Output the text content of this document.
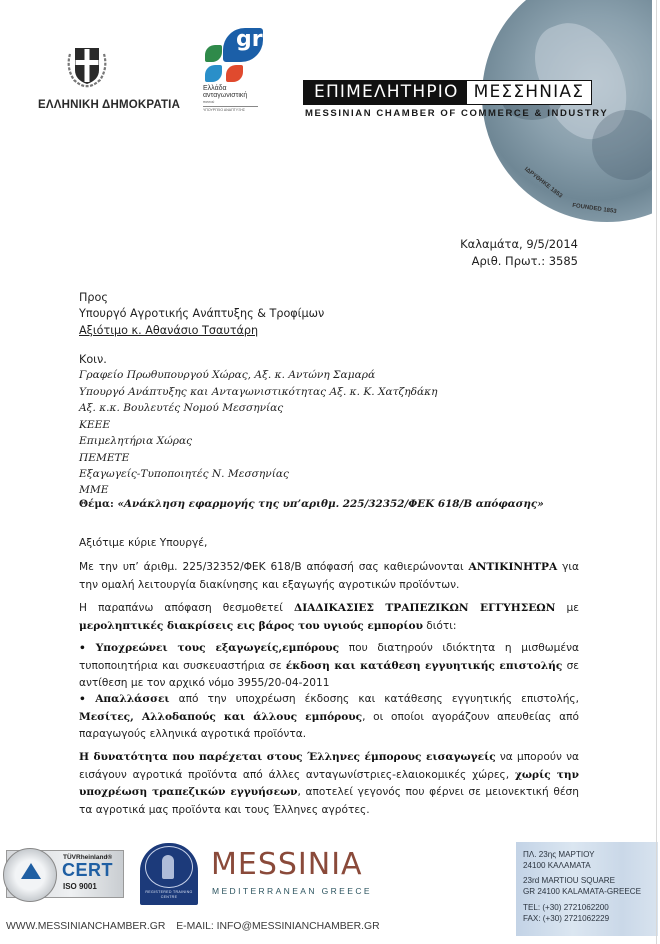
ΕΛΛΗΝΙΚΗ ΔΗΜΟΚΡΑΤΙΑ
gr
Ελλάδα
ανταγωνιστική
παντού
ΥΠΟΥΡΓΕΙΟ ΑΝΑΠΤΥΞΗΣ
ΙΔΡΥΘΗΚΕ 1853
FOUNDED 1853
ΕΠΙΜΕΛΗΤΗΡΙΟ ΜΕΣΣΗΝΙΑΣ
MESSINIAN CHAMBER OF COMMERCE & INDUSTRY
Καλαμάτα, 9/5/2014
Αριθ. Πρωτ.: 3585
Προς
Υπουργό Αγροτικής Ανάπτυξης & Τροφίμων
Αξιότιμο κ. Αθανάσιο Τσαυτάρη
Κοιν.
Γραφείο Πρωθυπουργού Χώρας, Αξ. κ. Αντώνη Σαμαρά
Υπουργό Ανάπτυξης και Ανταγωνιστικότητας Αξ. κ. Κ. Χατζηδάκη
Αξ. κ.κ. Βουλευτές Νομού Μεσσηνίας
ΚΕΕΕ
Επιμελητήρια Χώρας
ΠΕΜΕΤΕ
Εξαγωγείς-Τυποποιητές Ν. Μεσσηνίας
ΜΜΕ
Θέμα: «Ανάκληση εφαρμογής της υπ’αριθμ. 225/32352/ΦΕΚ 618/Β απόφασης»
Αξιότιμε κύριε Υπουργέ,
Με την υπ’ άριθμ. 225/32352/ΦΕΚ 618/Β απόφασή σας καθιερώνονται ΑΝΤΙΚΙΝΗΤΡΑ για την ομαλή λειτουργία διακίνησης και εξαγωγής αγροτικών προϊόντων.
Η παραπάνω απόφαση θεσμοθετεί ΔΙΑΔΙΚΑΣΙΕΣ ΤΡΑΠΕΖΙΚΩΝ ΕΓΓΥΗΣΕΩΝ με μεροληπτικές διακρίσεις εις βάρος του υγιούς εμπορίου διότι:
• Υποχρεώνει τους εξαγωγείς,εμπόρους που διατηρούν ιδιόκτητα η μισθωμένα τυποποιητήρια και συσκευαστήρια σε έκδοση και κατάθεση εγγυητικής επιστολής σε αντίθεση με τον αρχικό νόμο 3955/20-04-2011
• Απαλλάσσει από την υποχρέωση έκδοσης και κατάθεσης εγγυητικής επιστολής, Μεσίτες, Αλλοδαπούς και άλλους εμπόρους, οι οποίοι αγοράζουν απευθείας από παραγωγούς ελληνικά αγροτικά προϊόντα.
Η δυνατότητα που παρέχεται στους Έλληνες έμπορους εισαγωγείς να μπορούν να εισάγουν αγροτικά προϊόντα από άλλες ανταγωνίστριες-ελαιοκομικές χώρες, χωρίς την υποχρέωση τραπεζικών εγγυήσεων, αποτελεί γεγονός που φέρνει σε μειονεκτική θέση τα αγροτικά μας προϊόντα και τους Έλληνες αγρότες.
TÜVRheinland®
CERT
ISO 9001
REGISTERED TRAINING CENTRE
MESSINIA
MEDITERRANEAN GREECE
WWW.MESSINIANCHAMBER.GR E-MAIL: INFO@MESSINIANCHAMBER.GR
ΠΛ. 23ης ΜΑΡΤΙΟΥ
24100 ΚΑΛΑΜΑΤΑ
23rd MARTIOU SQUARE
GR 24100 KALAMATA-GREECE
TEL: (+30) 2721062200
FAX: (+30) 2721062229
